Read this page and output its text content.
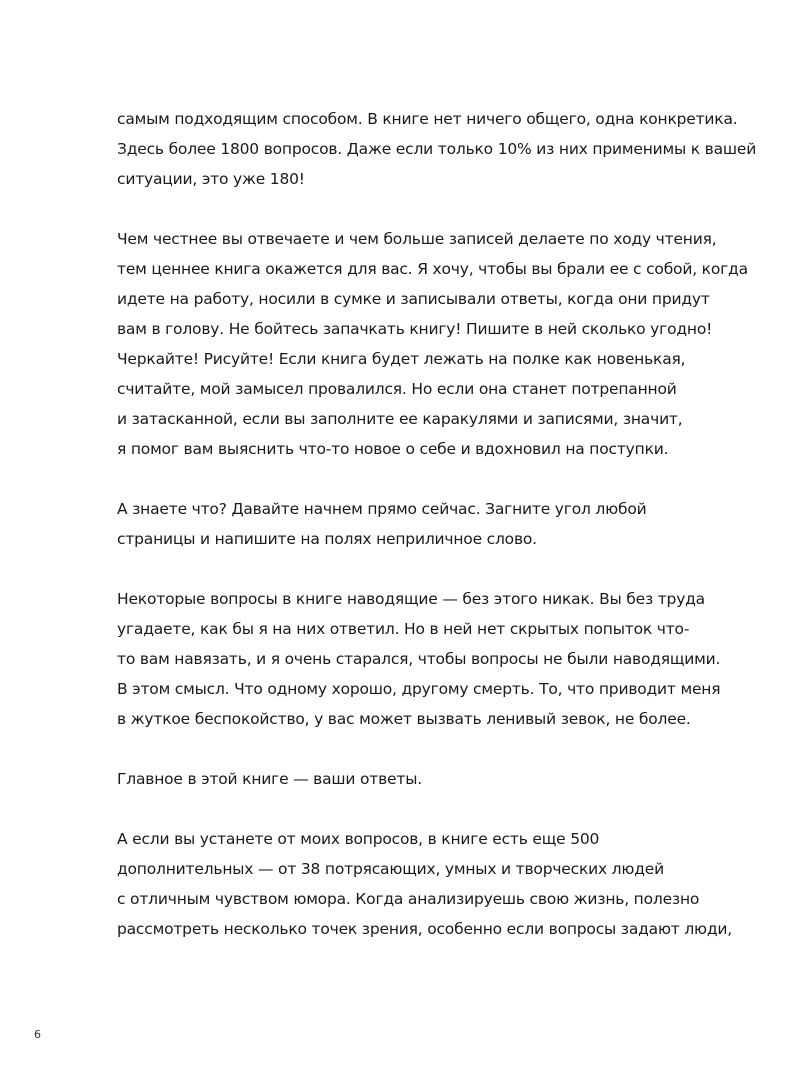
самым подходящим способом. В книге нет ничего общего, одна конкретика.
Здесь более 1800 вопросов. Даже если только 10% из них применимы к вашей
ситуации, это уже 180!

Чем честнее вы отвечаете и чем больше записей делаете по ходу чтения,
тем ценнее книга окажется для вас. Я хочу, чтобы вы брали ее с собой, когда
идете на работу, носили в сумке и записывали ответы, когда они придут
вам в голову. Не бойтесь запачкать книгу! Пишите в ней сколько угодно!
Черкайте! Рисуйте! Если книга будет лежать на полке как новенькая,
считайте, мой замысел провалился. Но если она станет потрепанной
и затасканной, если вы заполните ее каракулями и записями, значит,
я помог вам выяснить что-то новое о себе и вдохновил на поступки.

А знаете что? Давайте начнем прямо сейчас. Загните угол любой
страницы и напишите на полях неприличное слово.

Некоторые вопросы в книге наводящие — без этого никак. Вы без труда
угадаете, как бы я на них ответил. Но в ней нет скрытых попыток что-
то вам навязать, и я очень старался, чтобы вопросы не были наводящими.
В этом смысл. Что одному хорошо, другому смерть. То, что приводит меня
в жуткое беспокойство, у вас может вызвать ленивый зевок, не более.

Главное в этой книге — ваши ответы.

А если вы устанете от моих вопросов, в книге есть еще 500
дополнительных — от 38 потрясающих, умных и творческих людей
с отличным чувством юмора. Когда анализируешь свою жизнь, полезно
рассмотреть несколько точек зрения, особенно если вопросы задают люди,

6
